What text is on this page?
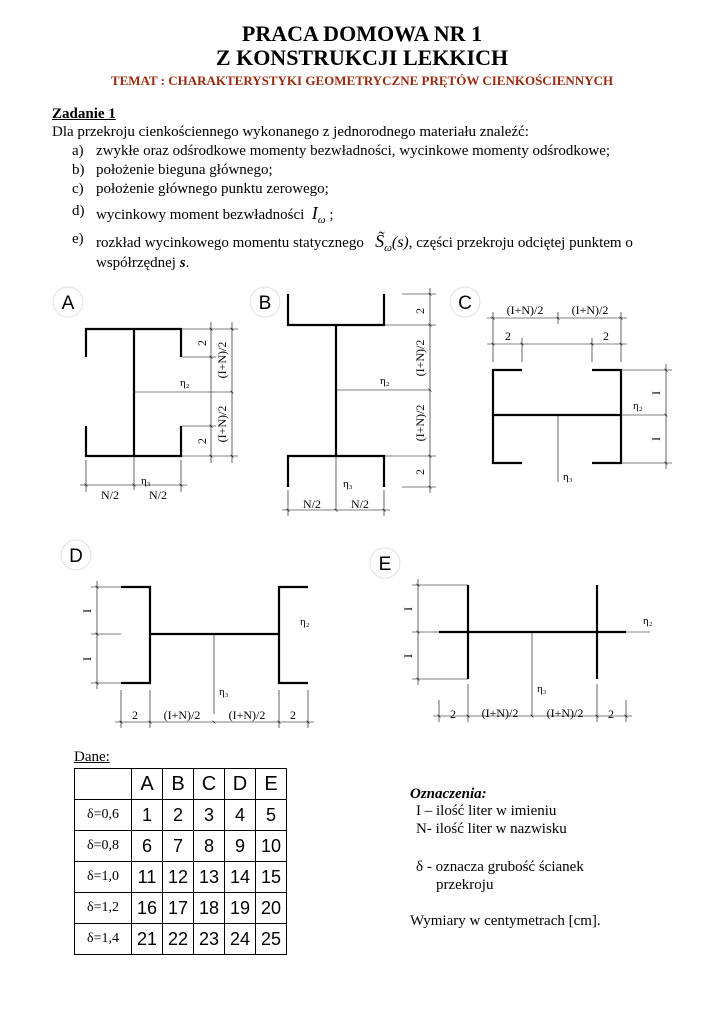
PRACA DOMOWA NR 1
Z KONSTRUKCJI LEKKICH
TEMAT : CHARAKTERYSTYKI GEOMETRYCZNE PRĘTÓW CIENKOŚCIENNYCH
Zadanie 1
Dla przekroju cienkościennego wykonanego z jednorodnego materiału znaleźć:
a) zwykłe oraz odśrodkowe momenty bezwładności, wycinkowe momenty odśrodkowe;
b) położenie bieguna głównego;
c) położenie głównego punktu zerowego;
d) wycinkowy moment bezwładności $I_\omega$ ;
e) rozkład wycinkowego momentu statycznego $S̃_\omega(s)$, części przekroju odciętej punktem o
współrzędnej s.
A
η₂
η₃
N/2	N/2
2 (I+N)/2
(I+N)/2
2
B
η₂
η₃
N/2	N/2
2
(I+N)/2
(I+N)/2
2
C
η₂
η₃
(I+N)/2 (I+N)/2
2	2
I
I
D
η₃
η₂
I
I
2 (I+N)/2 (I+N)/2 2
E
η₂
η₃
I
I
2 (I+N)/2 (I+N)/2 2
Dane:
	A	B	C	D	E
δ=0,6	1	2	3	4	5
δ=0,8	6	7	8	9	10
δ=1,0	11	12	13	14	15
δ=1,2	16	17	18	19	20
δ=1,4	21	22	23	24	25
Oznaczenia:
I – ilość liter w imieniu
N- ilość liter w nazwisku
δ - oznacza grubość ścianek
przekroju
Wymiary w centymetrach [cm].
